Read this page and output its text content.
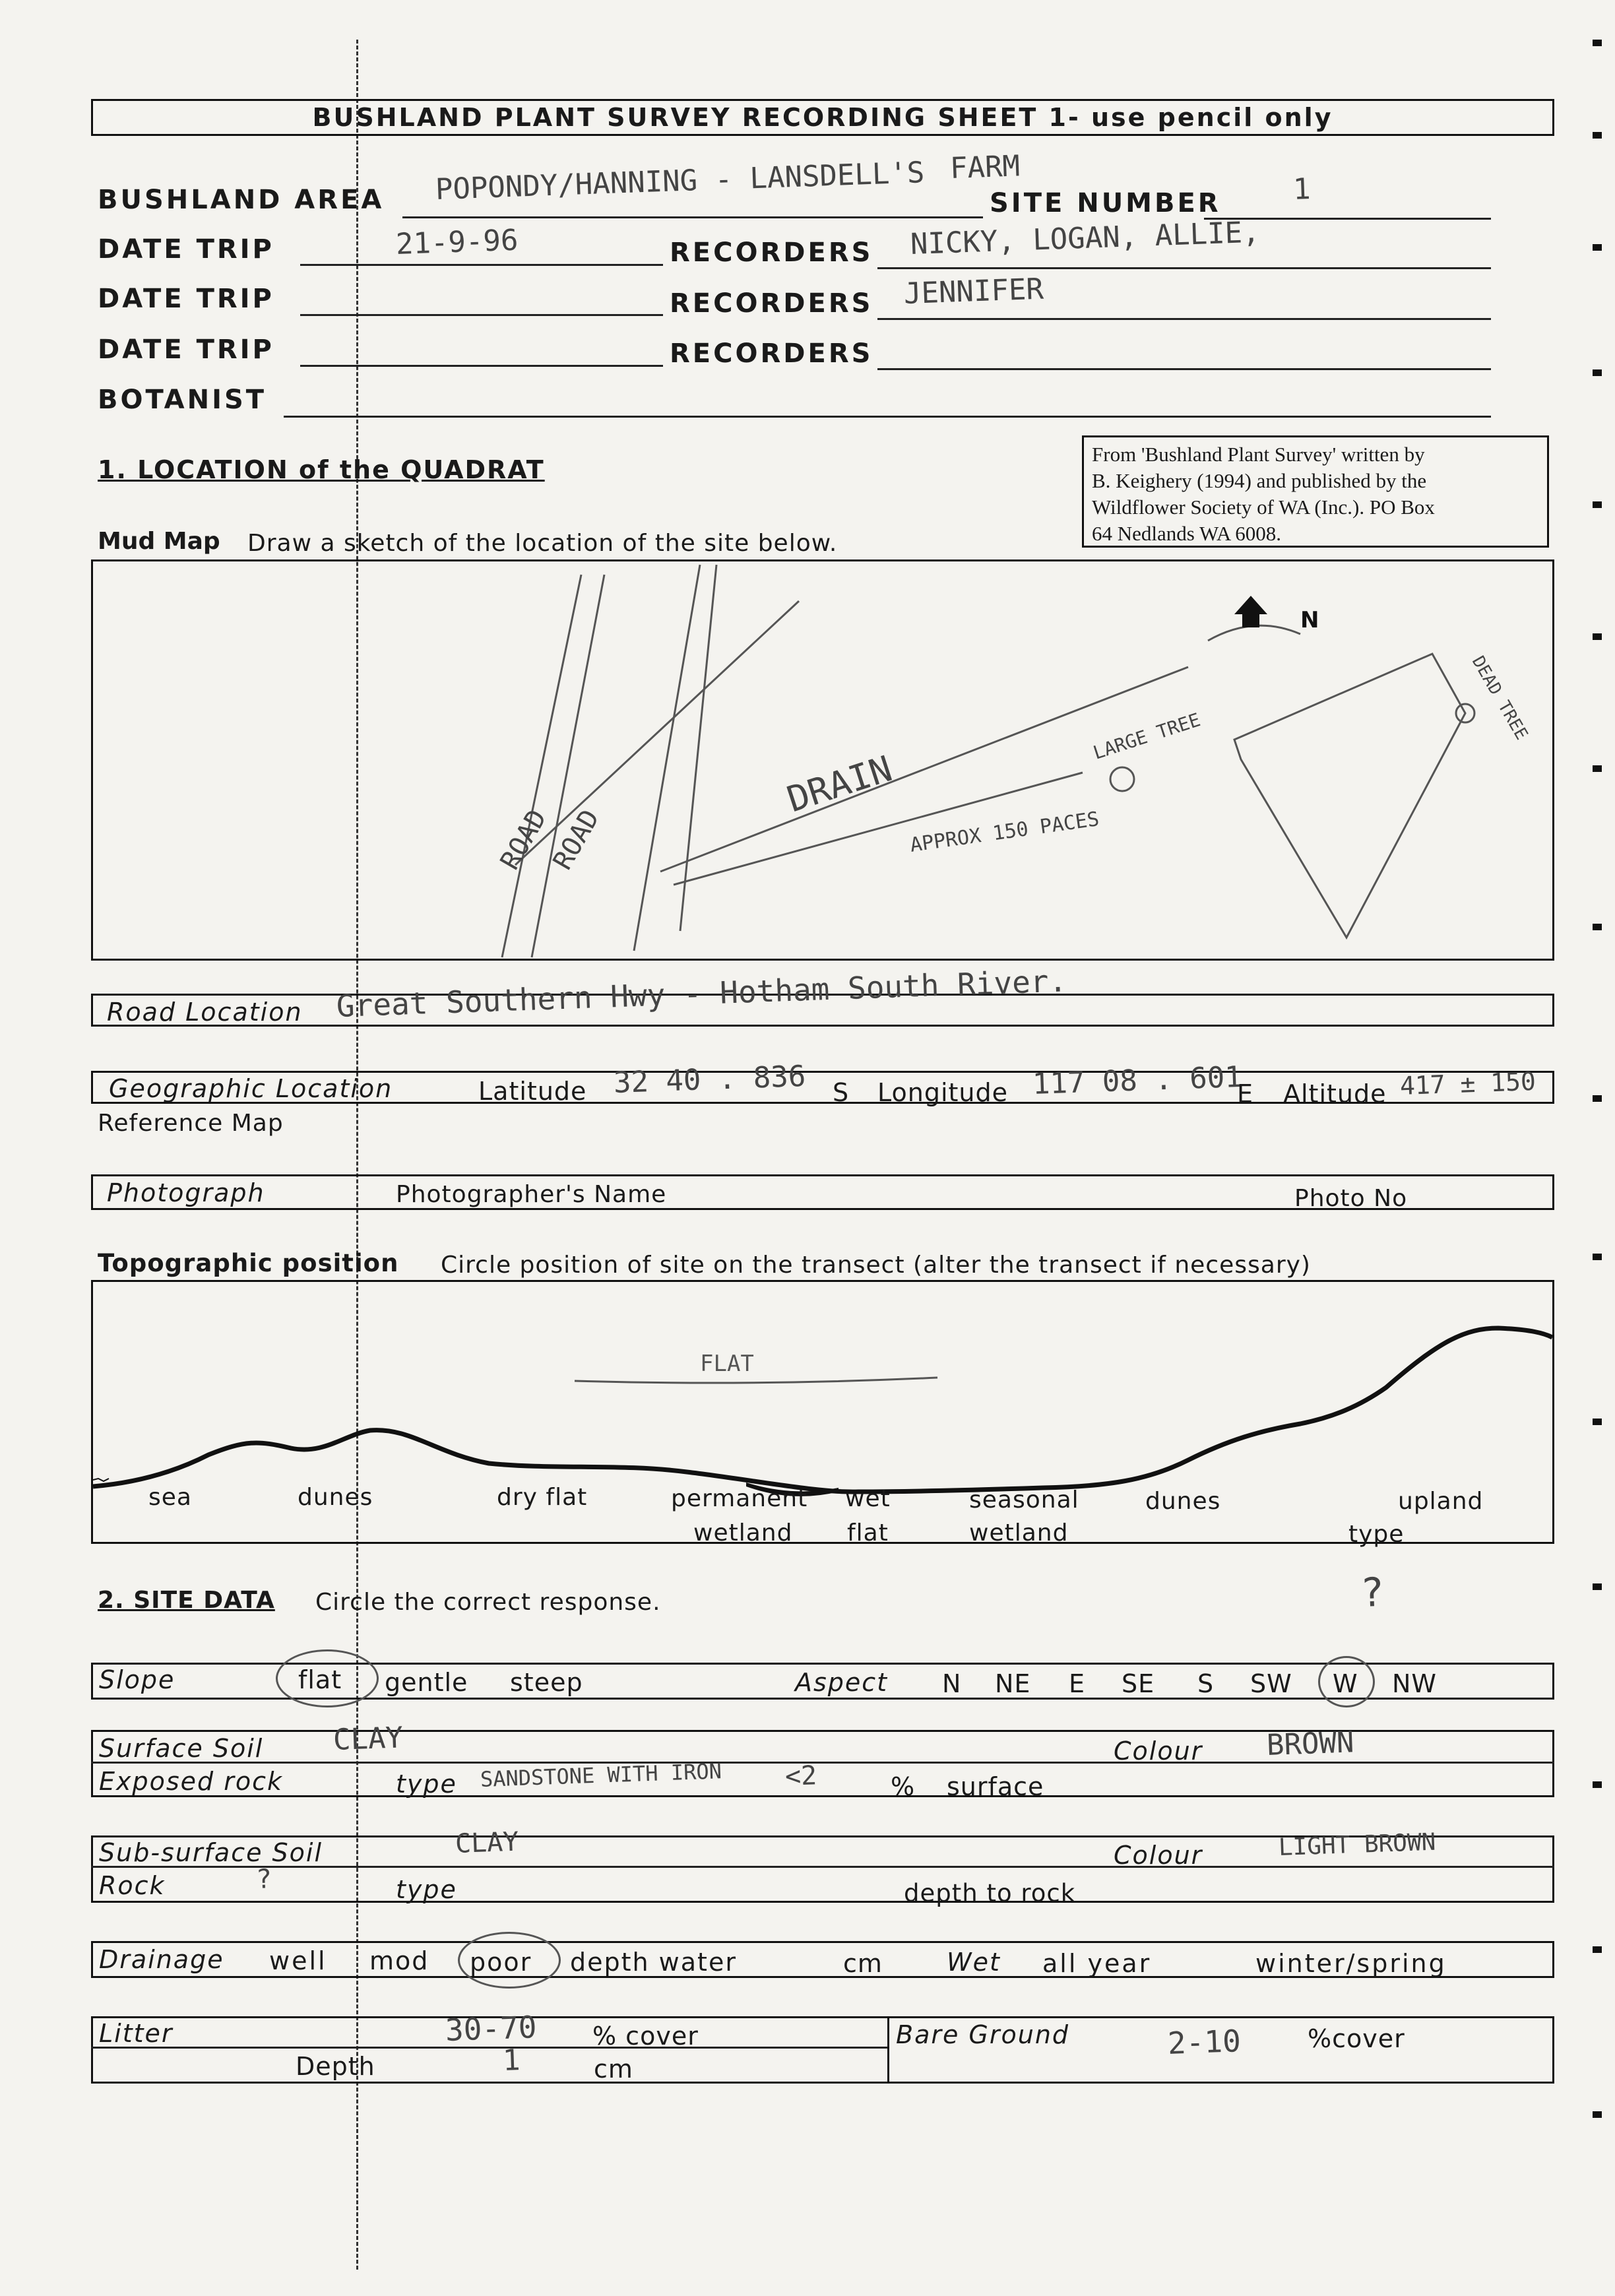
BUSHLAND PLANT SURVEY RECORDING SHEET 1- use pencil only
BUSHLAND AREA POPONDY/HANNING - LANSDELL'S FARM
SITE NUMBER 1
DATE TRIP	21-9-96	RECORDERS NICKY, LOGAN, ALLIE,
DATE TRIP	RECORDERS JENNIFER
DATE TRIP	RECORDERS
BOTANIST
From 'Bushland Plant Survey' written by
B. Keighery (1994) and published by the
Wildflower Society of WA (Inc.). PO Box
64 Nedlands WA 6008.
1. LOCATION of the QUADRAT
Mud Map Draw a sketch of the location of the site below.
N
ROAD
ROAD
DRAIN
LARGE TREE
APPROX 150 PACES
DEAD TREE
Road Location Great Southern Hwy - Hotham South River.
Geographic Location	Latitude 32 40 . 836 S Longitude 117 08 . 601
E Altitude 417 ± 150
Reference Map
Photograph	Photographer's Name	Photo No
Topographic position Circle position of site on the transect (alter the transect if necessary)
FLAT
sea	dunes	dry flat	permanent
wetland
wet
flat
seasonal
wetland
dunes	upland
type
2. SITE DATA Circle the correct response.	?
Slope	flat gentle steep	Aspect N NE E SE S SW W NW
Surface Soil CLAY	Colour BROWN
Exposed rock	type SANDSTONE WITH IRON <2	% surface
Sub-surface Soil	CLAY	Colour	LIGHT BROWN
Rock	?	type	depth to rock
Drainage well mod poor depth water	cm	Wet all year	winter/spring
Litter	30-70 % cover
Depth	1	cm
Bare Ground	2-10	%cover
